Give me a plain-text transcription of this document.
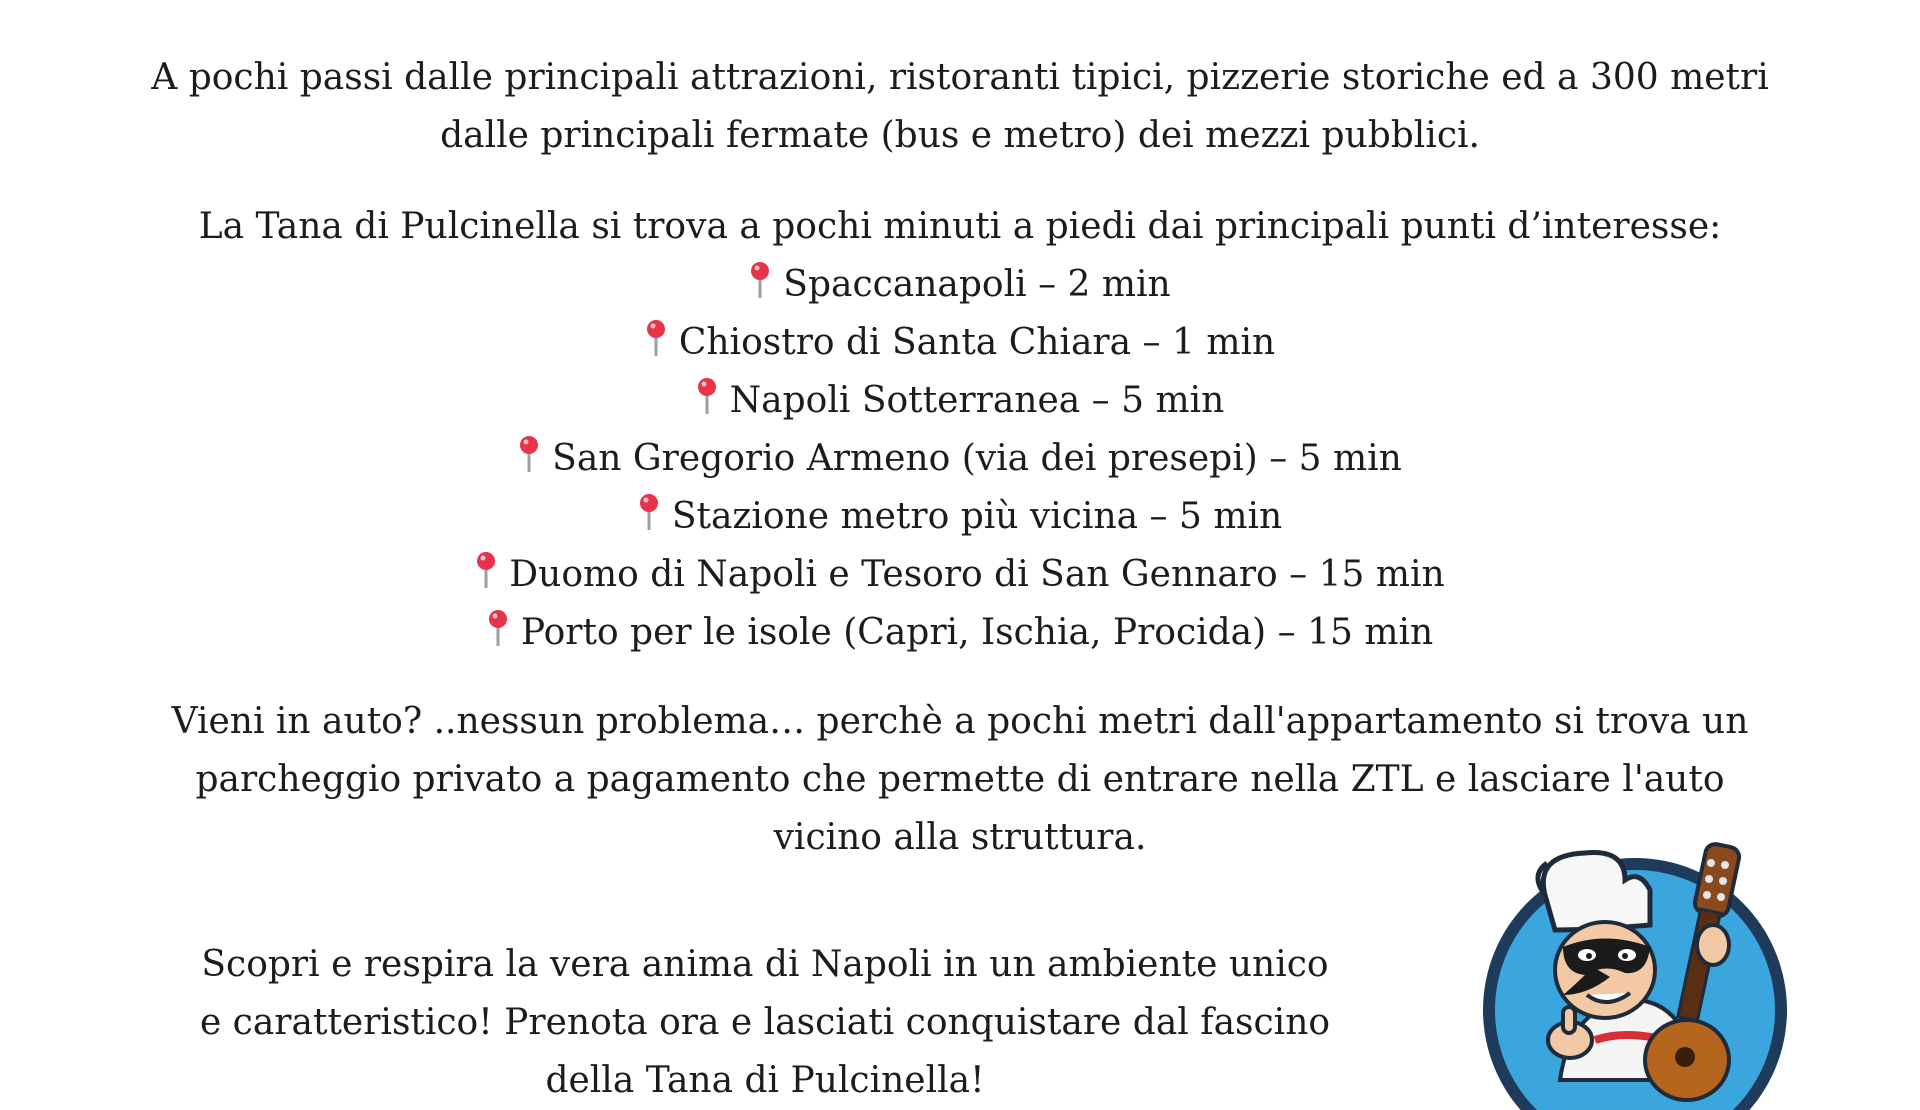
A pochi passi dalle principali attrazioni, ristoranti tipici, pizzerie storiche ed a 300 metri
dalle principali fermate (bus e metro) dei mezzi pubblici.
La Tana di Pulcinella si trova a pochi minuti a piedi dai principali punti d’interesse:
Spaccanapoli – 2 min
Chiostro di Santa Chiara – 1 min
Napoli Sotterranea – 5 min
San Gregorio Armeno (via dei presepi) – 5 min
Stazione metro più vicina – 5 min
Duomo di Napoli e Tesoro di San Gennaro – 15 min
Porto per le isole (Capri, Ischia, Procida) – 15 min
Vieni in auto? ..nessun problema… perchè a pochi metri dall'appartamento si trova un
parcheggio privato a pagamento che permette di entrare nella ZTL e lasciare l'auto
vicino alla struttura.
Scopri e respira la vera anima di Napoli in un ambiente unico
e caratteristico! Prenota ora e lasciati conquistare dal fascino
della Tana di Pulcinella!
